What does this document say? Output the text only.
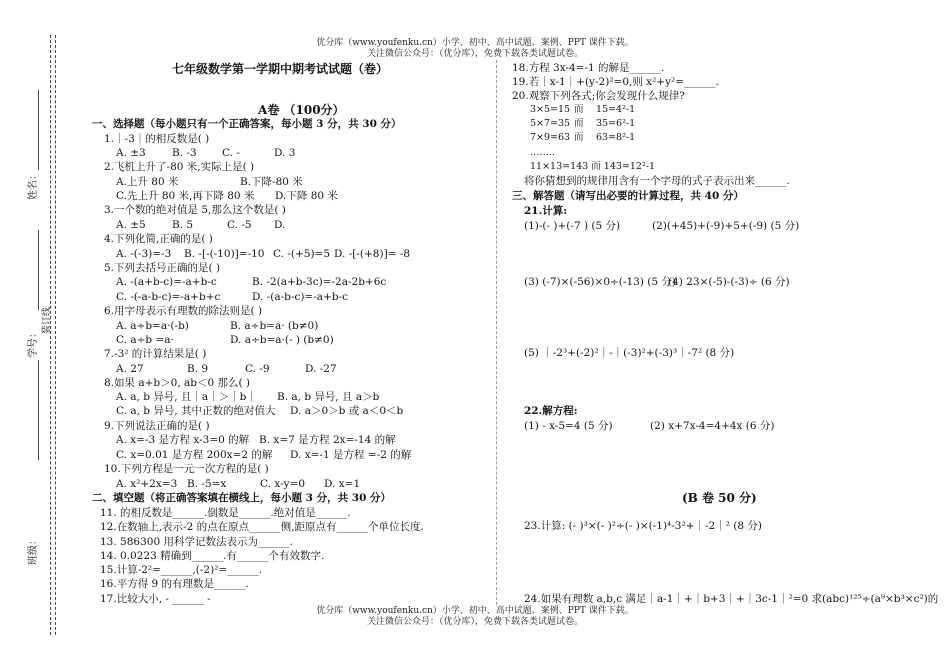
优分库（www.youfenku.cn）小学、初中、高中试题、案例、PPT 课件下载。
关注微信公众号：（优分库），免费下载各类试题试卷。
姓名：
学号：
装订线
班级：
七年级数学第一学期中期考试试题（卷）
A卷 （100分）
一、选择题（每小题只有一个正确答案，每小题 3 分，共 30 分）
1.｜-3｜的相反数是( )
A. ±3	B. -3 C. -	D. 3
2.飞机上升了-80 米,实际上是( )
A.上升 80 米	B.下降-80 米
C.先上升 80 米,再下降 80 米 D.下降 80 米
3.一个数的绝对值是 5,那么这个数是( )
A. ±5	B. 5	C. -5 D.
4.下列化简,正确的是( )
A. -(-3)=-3 B. -[-(-10)]=-10 C. -(+5)=5 D. -[-(+8)]= -8
5.下列去括号正确的是( )
A. -(a+b-c)=-a+b-c	B. -2(a+b-3c)=-2a-2b+6c
C. -(-a-b-c)=-a+b+c	D. -(a-b-c)=-a+b-c
6.用字母表示有理数的除法则是( )
A. a÷b=a·(-b)	B. a÷b=a· (b≠0)
C. a÷b =a·	D. a÷b=a·(- ) (b≠0)
7.-3² 的计算结果是( )
A. 27	B. 9	C. -9	D. -27
8.如果 a+b＞0, ab＜0 那么( )
A. a, b 异号, 且｜a｜＞｜b｜ B. a, b 异号, 且 a＞b
C. a, b 异号, 其中正数的绝对值大 D. a＞0＞b 或 a＜0＜b
9.下列说法正确的是( )
A. x=-3 是方程 x-3=0 的解 B. x=7 是方程 2x=-14 的解
C. x=0.01 是方程 200x=2 的解 D. x=-1 是方程 =-2 的解
10.下列方程是一元一次方程的是( )
A. x²+2x=3 B. -5=x	C. x-y=0 D. x=1
二、填空题（将正确答案填在横线上，每小题 3 分，共 30 分）
11. 的相反数是______.倒数是______.绝对值是______.
12.在数轴上,表示-2 的点在原点______侧,距原点有______个单位长度.
13. 586300 用科学记数法表示为______.
14. 0.0223 精确到______.有______个有效数字.
15.计算-2²=______,(-2)²=______.
16.平方得 9 的有理数是______.
17.比较大小, - ______ -
18.方程 3x-4=-1 的解是______.
19.若｜x-1｜+(y-2)²=0,则 x²+y²=______.
20.观察下列各式;你会发现什么规律?
3×5=15 而 15=4²-1
5×7=35 而 35=6²-1
7×9=63 而 63=8²-1
……..
11×13=143 而 143=12²-1
将你猜想到的规律用含有一个字母的式子表示出来______.
三、解答题（请写出必要的计算过程，共 40 分）
21.计算:
(1)-(- )+(-7 ) (5 分)	(2)(+45)+(-9)+5+(-9) (5 分)
(3) (-7)×(-56)×0÷(-13) (5 分)
(4) 23×(-5)-(-3)÷ (6 分)
(5) ｜-2³+(-2)²｜-｜(-3)²+(-3)³｜-7² (8 分)
22.解方程:
(1) - x-5=4 (5 分)	(2) x+7x-4=4+4x (6 分)
(B 卷 50 分)
23.计算: (- )³×(- )²÷(- )×(-1)⁴-3²+｜-2｜² (8 分)
24.如果有理数 a,b,c 满足｜a-1｜+｜b+3｜+｜3c-1｜²=0 求(abc)¹²⁵÷(a⁹×b³×c²)的
优分库（www.youfenku.cn）小学、初中、高中试题、案例、PPT 课件下载。
关注微信公众号：（优分库），免费下载各类试题试卷。
